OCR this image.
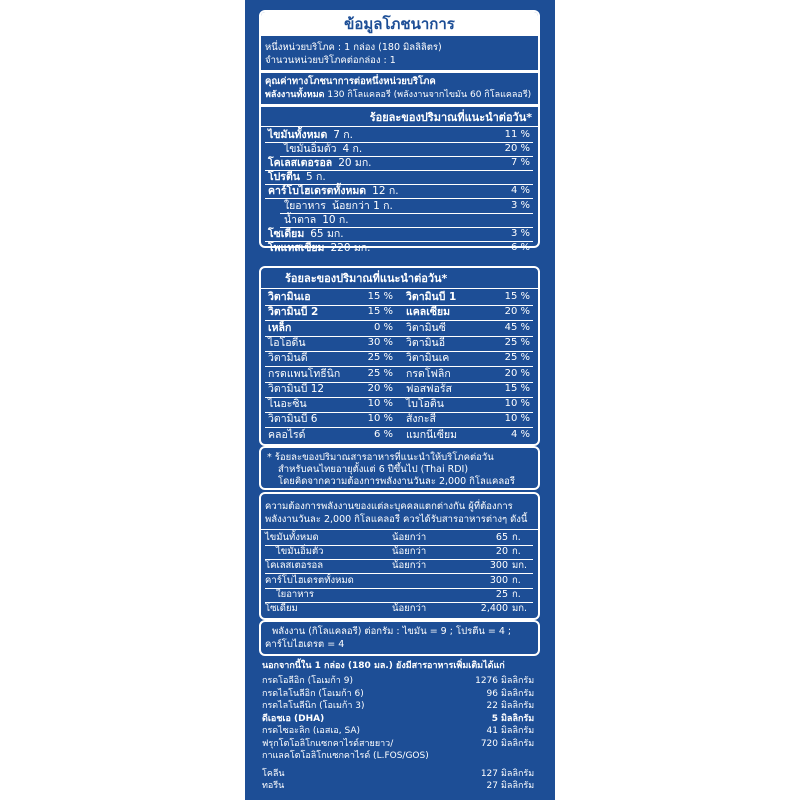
ข้อมูลโภชนาการ
หนึ่งหน่วยบริโภค : 1 กล่อง (180 มิลลิลิตร)
จำนวนหน่วยบริโภคต่อกล่อง : 1
คุณค่าทางโภชนาการต่อหนึ่งหน่วยบริโภค
พลังงานทั้งหมด 130 กิโลแคลอรี (พลังงานจากไขมัน 60 กิโลแคลอรี)
ร้อยละของปริมาณที่แนะนำต่อวัน*
ไขมันทั้งหมด 7 ก.	11 %
ไขมันอิ่มตัว 4 ก.	20 %
โคเลสเตอรอล 20 มก.	7 %
โปรตีน 5 ก.
คาร์โบไฮเดรตทั้งหมด 12 ก.	4 %
ใยอาหาร น้อยกว่า 1 ก.	3 %
น้ำตาล 10 ก.
โซเดียม 65 มก.	3 %
โพแทสเซียม 220 มก.	6 %
ร้อยละของปริมาณที่แนะนำต่อวัน*
วิตามินเอ	15 % วิตามินบี 1	15 %
วิตามินบี 2	15 % แคลเซียม	20 %
เหล็ก	0 % วิตามินซี	45 %
ไอโอดีน	30 % วิตามินอี	25 %
วิตามินดี	25 % วิตามินเค	25 %
กรดแพนโทธีนิก	25 % กรดโฟลิก	20 %
วิตามินบี 12	20 % ฟอสฟอรัส	15 %
ไนอะซิน	10 % ไบโอติน	10 %
วิตามินบี 6	10 % สังกะสี	10 %
คลอไรด์	6 % แมกนีเซียม	4 %
* ร้อยละของปริมาณสารอาหารที่แนะนำให้บริโภคต่อวัน
สำหรับคนไทยอายุตั้งแต่ 6 ปีขึ้นไป (Thai RDI)
โดยคิดจากความต้องการพลังงานวันละ 2,000 กิโลแคลอรี
ความต้องการพลังงานของแต่ละบุคคลแตกต่างกัน ผู้ที่ต้องการ
พลังงานวันละ 2,000 กิโลแคลอรี ควรได้รับสารอาหารต่างๆ ดังนี้
ไขมันทั้งหมด	น้อยกว่า	65 ก.
ไขมันอิ่มตัว	น้อยกว่า	20 ก.
โคเลสเตอรอล	น้อยกว่า	300 มก.
คาร์โบไฮเดรตทั้งหมด	300 ก.
ใยอาหาร	25 ก.
โซเดียม	น้อยกว่า	2,400 มก.
พลังงาน (กิโลแคลอรี) ต่อกรัม : ไขมัน = 9 ; โปรตีน = 4 ;
คาร์โบไฮเดรต = 4
นอกจากนี้ใน 1 กล่อง (180 มล.) ยังมีสารอาหารเพิ่มเติมได้แก่
กรดโอลีอิก (โอเมก้า 9)	1276 มิลลิกรัม
กรดไลโนลีอิก (โอเมก้า 6)	96 มิลลิกรัม
กรดไลโนลีนิก (โอเมก้า 3)	22 มิลลิกรัม
ดีเอชเอ (DHA)	5 มิลลิกรัม
กรดไซอะลิก (เอสเอ, SA)	41 มิลลิกรัม
ฟรุกโตโอลิโกแซกคาไรด์สายยาว/	720 มิลลิกรัม
กาแลคโตโอลิโกแซกคาไรด์ (L.FOS/GOS)
โคลีน	127 มิลลิกรัม
ทอรีน	27 มิลลิกรัม
